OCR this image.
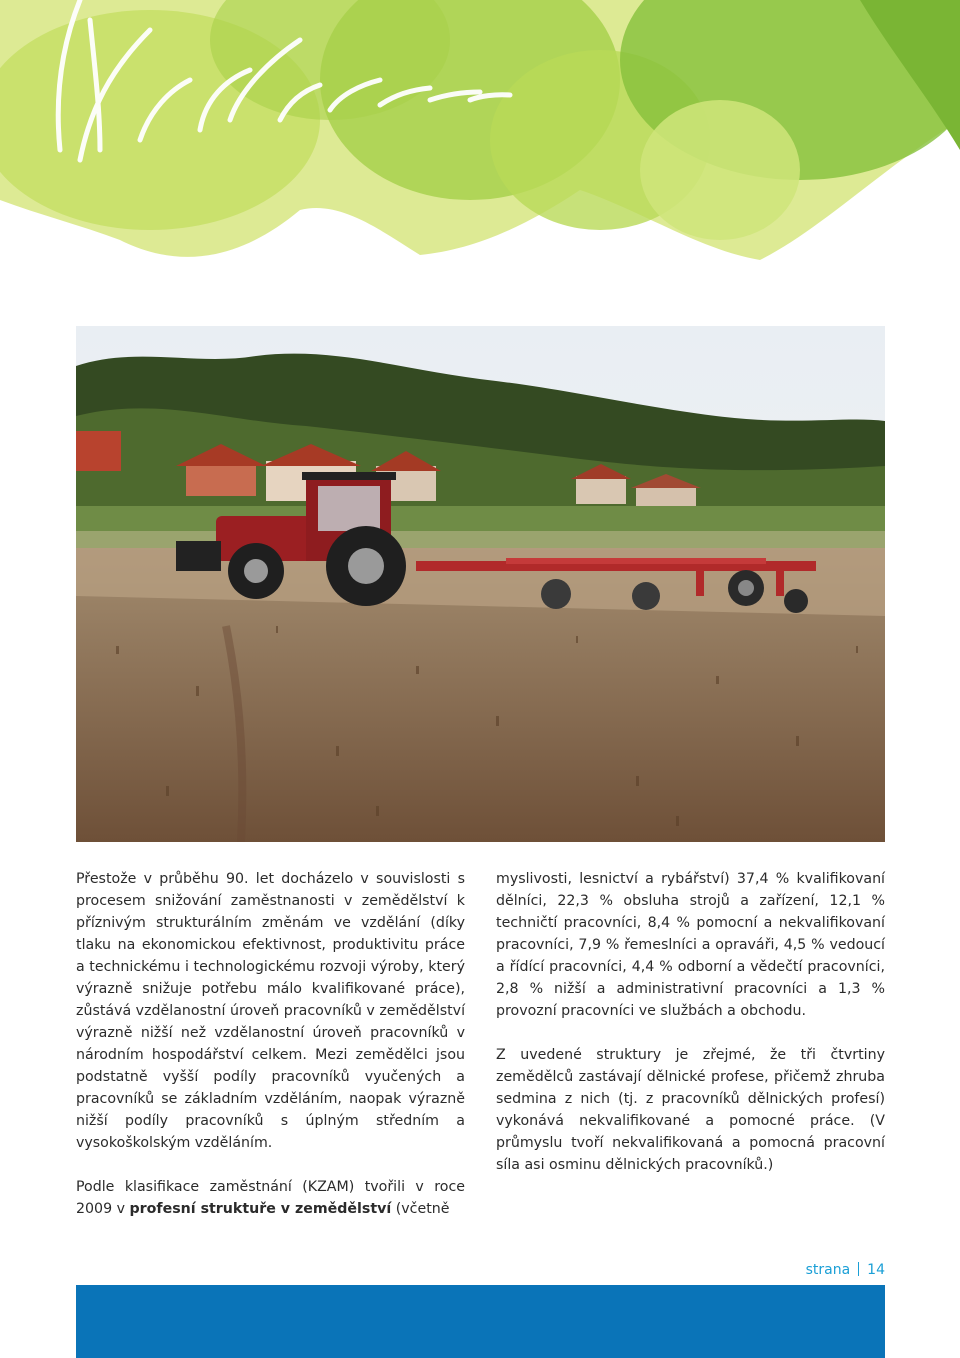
Přestože v průběhu 90. let docházelo v souvislosti s procesem snižování zaměstnanosti v zemědělství k příznivým strukturálním změnám ve vzdělání (díky tlaku na ekonomickou efektivnost, produktivitu práce a technickému i technologickému rozvoji výroby, který výrazně snižuje potřebu málo kvalifikované práce), zůstává vzdělanostní úroveň pracovníků v zemědělství výrazně nižší než vzdělanostní úroveň pracovníků v národním hospodářství celkem. Mezi zemědělci jsou podstatně vyšší podíly pracovníků vyučených a pracovníků se základním vzděláním, naopak výrazně nižší podíly pracovníků s úplným středním a vysokoškolským vzděláním.

Podle klasifikace zaměstnání (KZAM) tvořili v roce 2009 v profesní struktuře v zemědělství (včetně

myslivosti, lesnictví a rybářství) 37,4 % kvalifikovaní dělníci, 22,3 % obsluha strojů a zařízení, 12,1 % techničtí pracovníci, 8,4 % pomocní a nekvalifikovaní pracovníci, 7,9 % řemeslníci a opraváři, 4,5 % vedoucí a řídící pracovníci, 4,4 % odborní a vědečtí pracovníci, 2,8 % nižší a administrativní pracovníci a 1,3 % provozní pracovníci ve službách a obchodu.

Z uvedené struktury je zřejmé, že tři čtvrtiny zemědělců zastávají dělnické profese, přičemž zhruba sedmina z nich (tj. z pracovníků dělnických profesí) vykonává nekvalifikované a pomocné práce. (V průmyslu tvoří nekvalifikovaná a pomocná pracovní síla asi osminu dělnických pracovníků.)

strana 14
